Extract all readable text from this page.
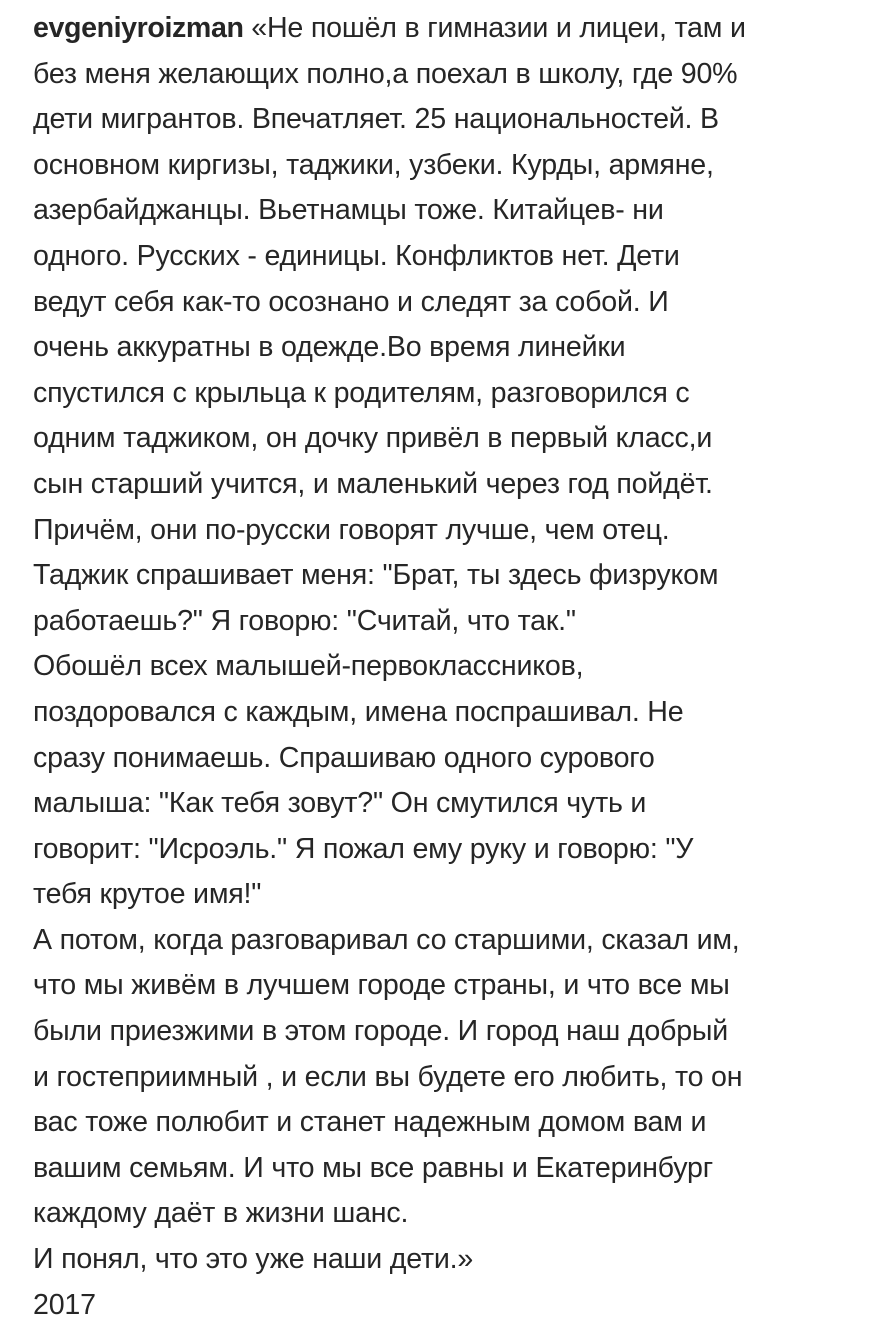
evgeniyroizman «Не пошёл в гимназии и лицеи, там и
без меня желающих полно,а поехал в школу, где 90%
дети мигрантов. Впечатляет. 25 национальностей. В
основном киргизы, таджики, узбеки. Курды, армяне,
азербайджанцы. Вьетнамцы тоже. Китайцев- ни
одного. Русских - единицы. Конфликтов нет. Дети
ведут себя как-то осознано и следят за собой. И
очень аккуратны в одежде.Во время линейки
спустился с крыльца к родителям, разговорился с
одним таджиком, он дочку привёл в первый класс,и
сын старший учится, и маленький через год пойдёт.
Причём, они по-русски говорят лучше, чем отец.
Таджик спрашивает меня: "Брат, ты здесь физруком
работаешь?" Я говорю: "Считай, что так."
Обошёл всех малышей-первоклассников,
поздоровался с каждым, имена поспрашивал. Не
сразу понимаешь. Спрашиваю одного сурового
малыша: "Как тебя зовут?" Он смутился чуть и
говорит: "Исроэль." Я пожал ему руку и говорю: "У
тебя крутое имя!"
А потом, когда разговаривал со старшими, сказал им,
что мы живём в лучшем городе страны, и что все мы
были приезжими в этом городе. И город наш добрый
и гостеприимный , и если вы будете его любить, то он
вас тоже полюбит и станет надежным домом вам и
вашим семьям. И что мы все равны и Екатеринбург
каждому даёт в жизни шанс.
И понял, что это уже наши дети.»
2017
